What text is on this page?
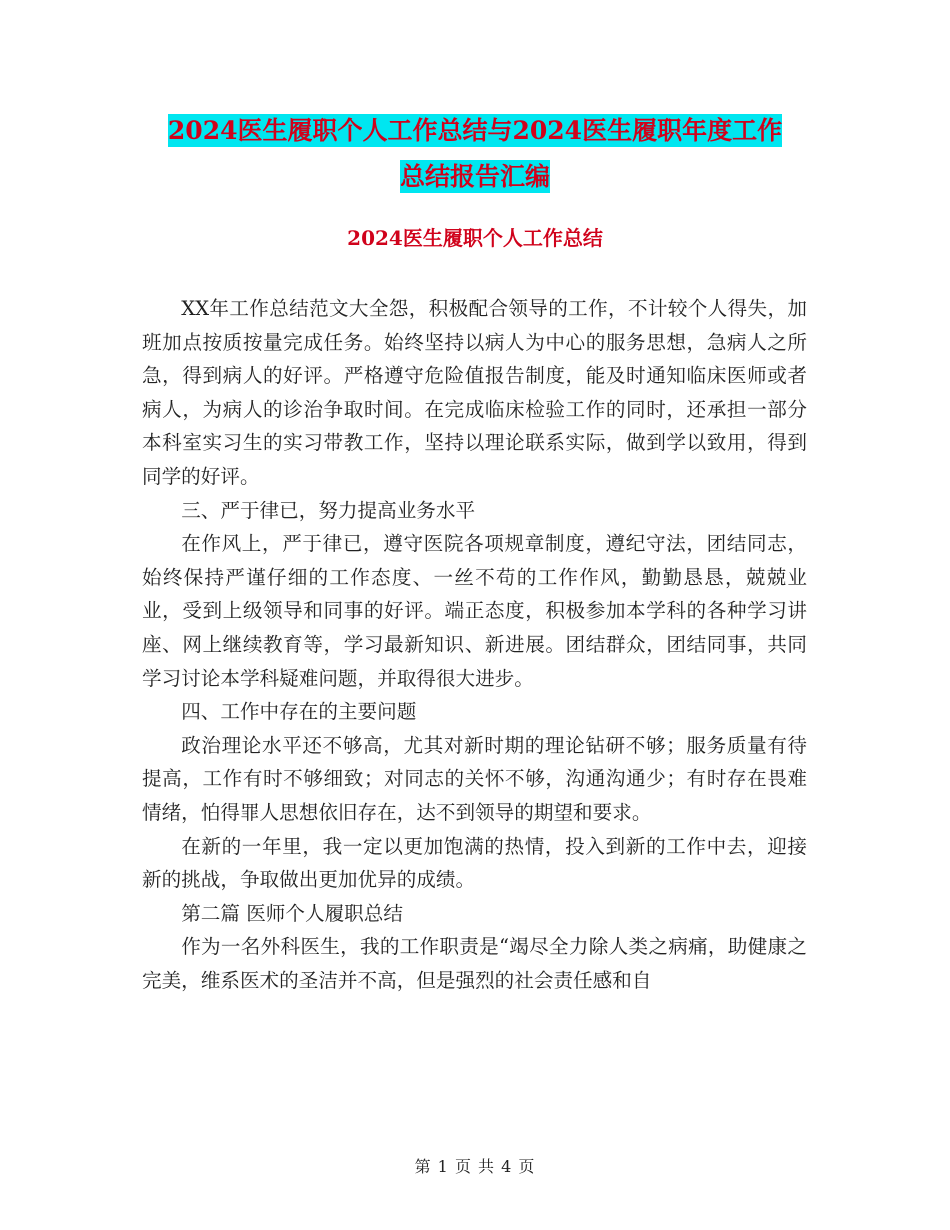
2024医生履职个人工作总结与2024医生履职年度工作
总结报告汇编
2024医生履职个人工作总结

XX年工作总结范文大全怨，积极配合领导的工作，不计较个人得失，加班加点按质按量完成任务。始终坚持以病人为中心的服务思想，急病人之所急，得到病人的好评。严格遵守危险值报告制度，能及时通知临床医师或者病人，为病人的诊治争取时间。在完成临床检验工作的同时，还承担一部分本科室实习生的实习带教工作，坚持以理论联系实际，做到学以致用，得到同学的好评。

三、严于律已，努力提高业务水平

在作风上，严于律已，遵守医院各项规章制度，遵纪守法，团结同志，始终保持严谨仔细的工作态度、一丝不苟的工作作风，勤勤恳恳，兢兢业业，受到上级领导和同事的好评。端正态度，积极参加本学科的各种学习讲座、网上继续教育等，学习最新知识、新进展。团结群众，团结同事，共同学习讨论本学科疑难问题，并取得很大进步。

四、工作中存在的主要问题

政治理论水平还不够高，尤其对新时期的理论钻研不够；服务质量有待提高，工作有时不够细致；对同志的关怀不够，沟通沟通少；有时存在畏难情绪，怕得罪人思想依旧存在，达不到领导的期望和要求。

在新的一年里，我一定以更加饱满的热情，投入到新的工作中去，迎接新的挑战，争取做出更加优异的成绩。

第二篇 医师个人履职总结

作为一名外科医生，我的工作职责是“竭尽全力除人类之病痛，助健康之完美，维系医术的圣洁并不高，但是强烈的社会责任感和自

第 1 页 共 4 页
